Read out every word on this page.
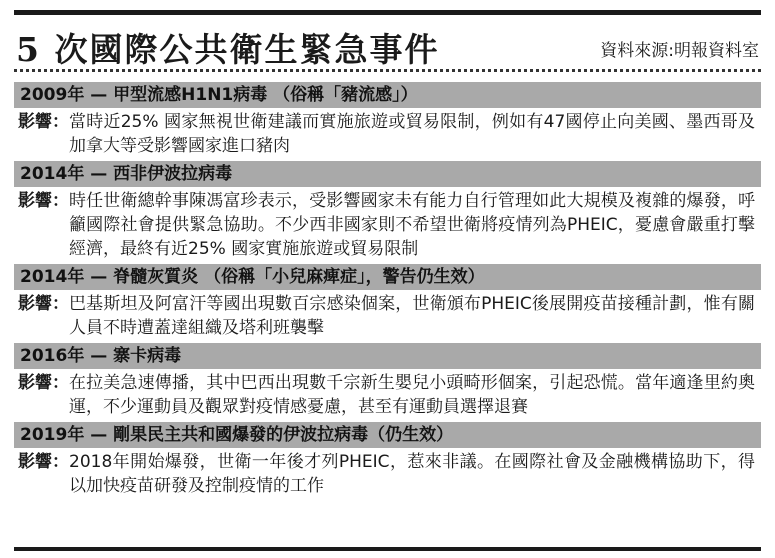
5 次國際公共衛生緊急事件	資料來源:明報資料室
2009年 — 甲型流感H1N1病毒 （俗稱「豬流感」）
影響： 當時近25% 國家無視世衛建議而實施旅遊或貿易限制，例如有47國停止向美國、墨西哥及加拿大等受影響國家進口豬肉
2014年 — 西非伊波拉病毒
影響： 時任世衛總幹事陳馮富珍表示，受影響國家未有能力自行管理如此大規模及複雜的爆發，呼籲國際社會提供緊急協助。不少西非國家則不希望世衛將疫情列為PHEIC，憂慮會嚴重打擊經濟，最終有近25% 國家實施旅遊或貿易限制
2014年 — 脊髓灰質炎 （俗稱「小兒麻痺症」，警告仍生效）
影響： 巴基斯坦及阿富汗等國出現數百宗感染個案，世衛頒布PHEIC後展開疫苗接種計劃，惟有關人員不時遭蓋達組織及塔利班襲擊
2016年 — 寨卡病毒
影響： 在拉美急速傳播，其中巴西出現數千宗新生嬰兒小頭畸形個案，引起恐慌。當年適逢里約奧運，不少運動員及觀眾對疫情感憂慮，甚至有運動員選擇退賽
2019年 — 剛果民主共和國爆發的伊波拉病毒（仍生效）
影響： 2018年開始爆發，世衛一年後才列PHEIC，惹來非議。在國際社會及金融機構協助下，得以加快疫苗研發及控制疫情的工作
